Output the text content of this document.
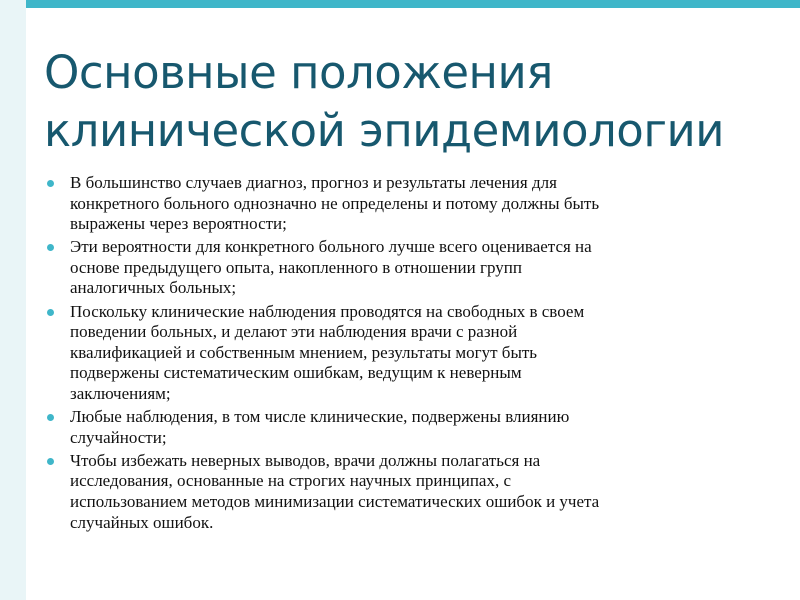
Основные положения
клинической эпидемиологии
В большинство случаев диагноз, прогноз и результаты лечения для
конкретного больного однозначно не определены и потому должны быть
выражены через вероятности;
Эти вероятности для конкретного больного лучше всего оценивается на
основе предыдущего опыта, накопленного в отношении групп
аналогичных больных;
Поскольку клинические наблюдения проводятся на свободных в своем
поведении больных, и делают эти наблюдения врачи с разной
квалификацией и собственным мнением, результаты могут быть
подвержены систематическим ошибкам, ведущим к неверным
заключениям;
Любые наблюдения, в том числе клинические, подвержены влиянию
случайности;
Чтобы избежать неверных выводов, врачи должны полагаться на
исследования, основанные на строгих научных принципах, с
использованием методов минимизации систематических ошибок и учета
случайных ошибок.
